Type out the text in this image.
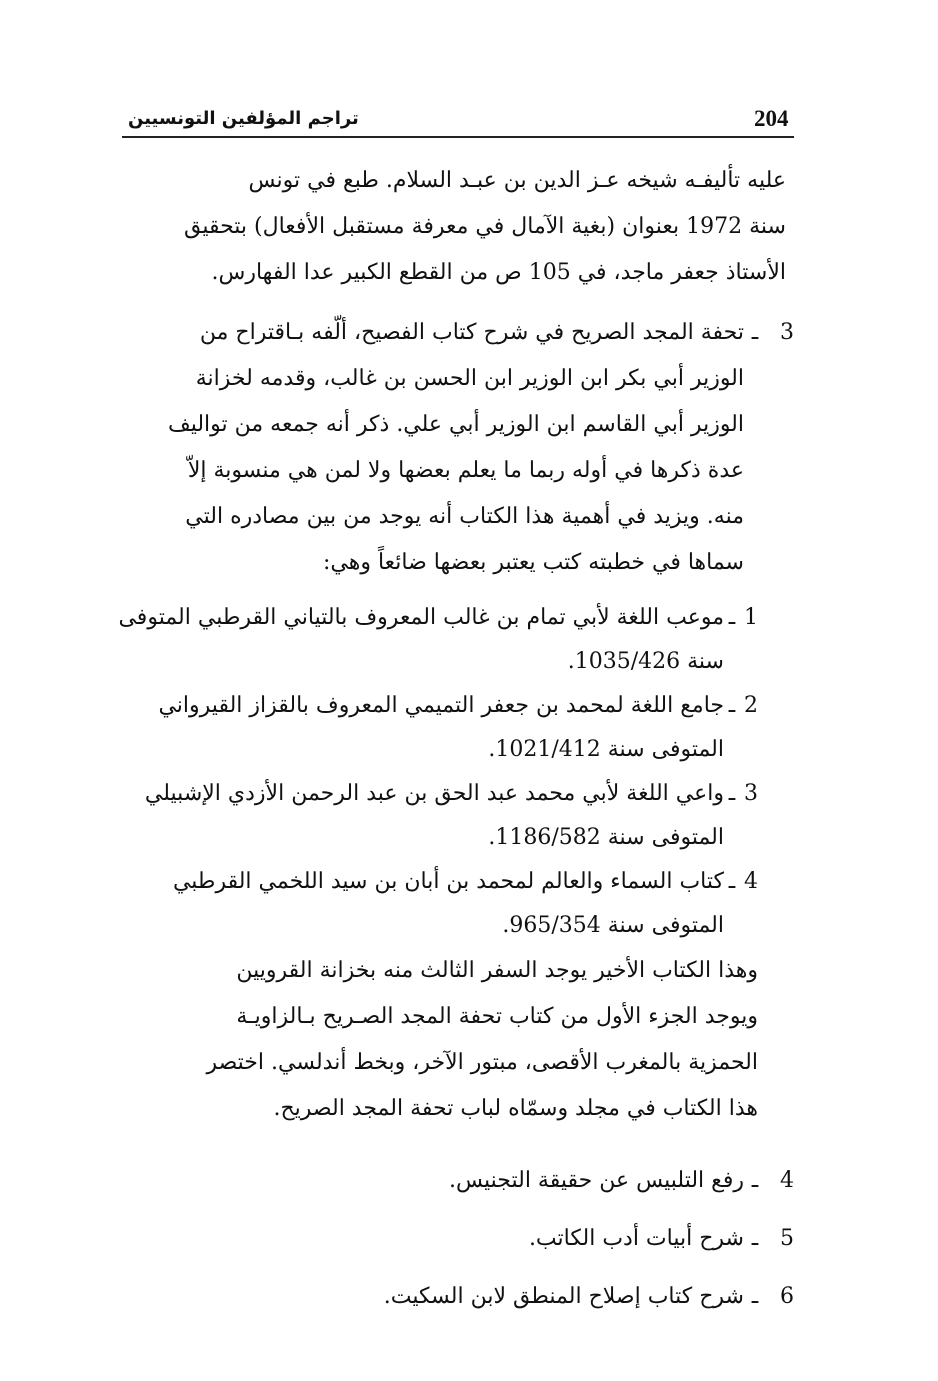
204
تراجم المؤلفين التونسيين

عليه تأليفـه شيخه عـز الدين بن عبـد السلام. طبع في تونس
سنة 1972 بعنوان (بغية الآمال في معرفة مستقبل الأفعال) بتحقيق
الأستاذ جعفر ماجد، في 105 ص من القطع الكبير عدا الفهارس.

3
ـ

تحفة المجد الصريح في شرح كتاب الفصيح، ألّفه بـاقتراح من
الوزير أبي بكر ابن الوزير ابن الحسن بن غالب، وقدمه لخزانة
الوزير أبي القاسم ابن الوزير أبي علي. ذكر أنه جمعه من تواليف
عدة ذكرها في أوله ربما ما يعلم بعضها ولا لمن هي منسوبة إلاّ
منه. ويزيد في أهمية هذا الكتاب أنه يوجد من بين مصادره التي
سماها في خطبته كتب يعتبر بعضها ضائعاً وهي:

1
ـ

موعب اللغة لأبي تمام بن غالب المعروف بالتياني القرطبي المتوفى
سنة 1035/426.

2
ـ

جامع اللغة لمحمد بن جعفر التميمي المعروف بالقزاز القيرواني
المتوفى سنة 1021/412.

3
ـ

واعي اللغة لأبي محمد عبد الحق بن عبد الرحمن الأزدي الإشبيلي
المتوفى سنة 1186/582.

4
ـ

كتاب السماء والعالم لمحمد بن أبان بن سيد اللخمي القرطبي
المتوفى سنة 965/354.

وهذا الكتاب الأخير يوجد السفر الثالث منه بخزانة القرويين
ويوجد الجزء الأول من كتاب تحفة المجد الصـريح بـالزاويـة
الحمزية بالمغرب الأقصى، مبتور الآخر، وبخط أندلسي. اختصر
هذا الكتاب في مجلد وسمّاه لباب تحفة المجد الصريح.

4
ـ

رفع التلبيس عن حقيقة التجنيس.

5
ـ

شرح أبيات أدب الكاتب.

6
ـ

شرح كتاب إصلاح المنطق لابن السكيت.
